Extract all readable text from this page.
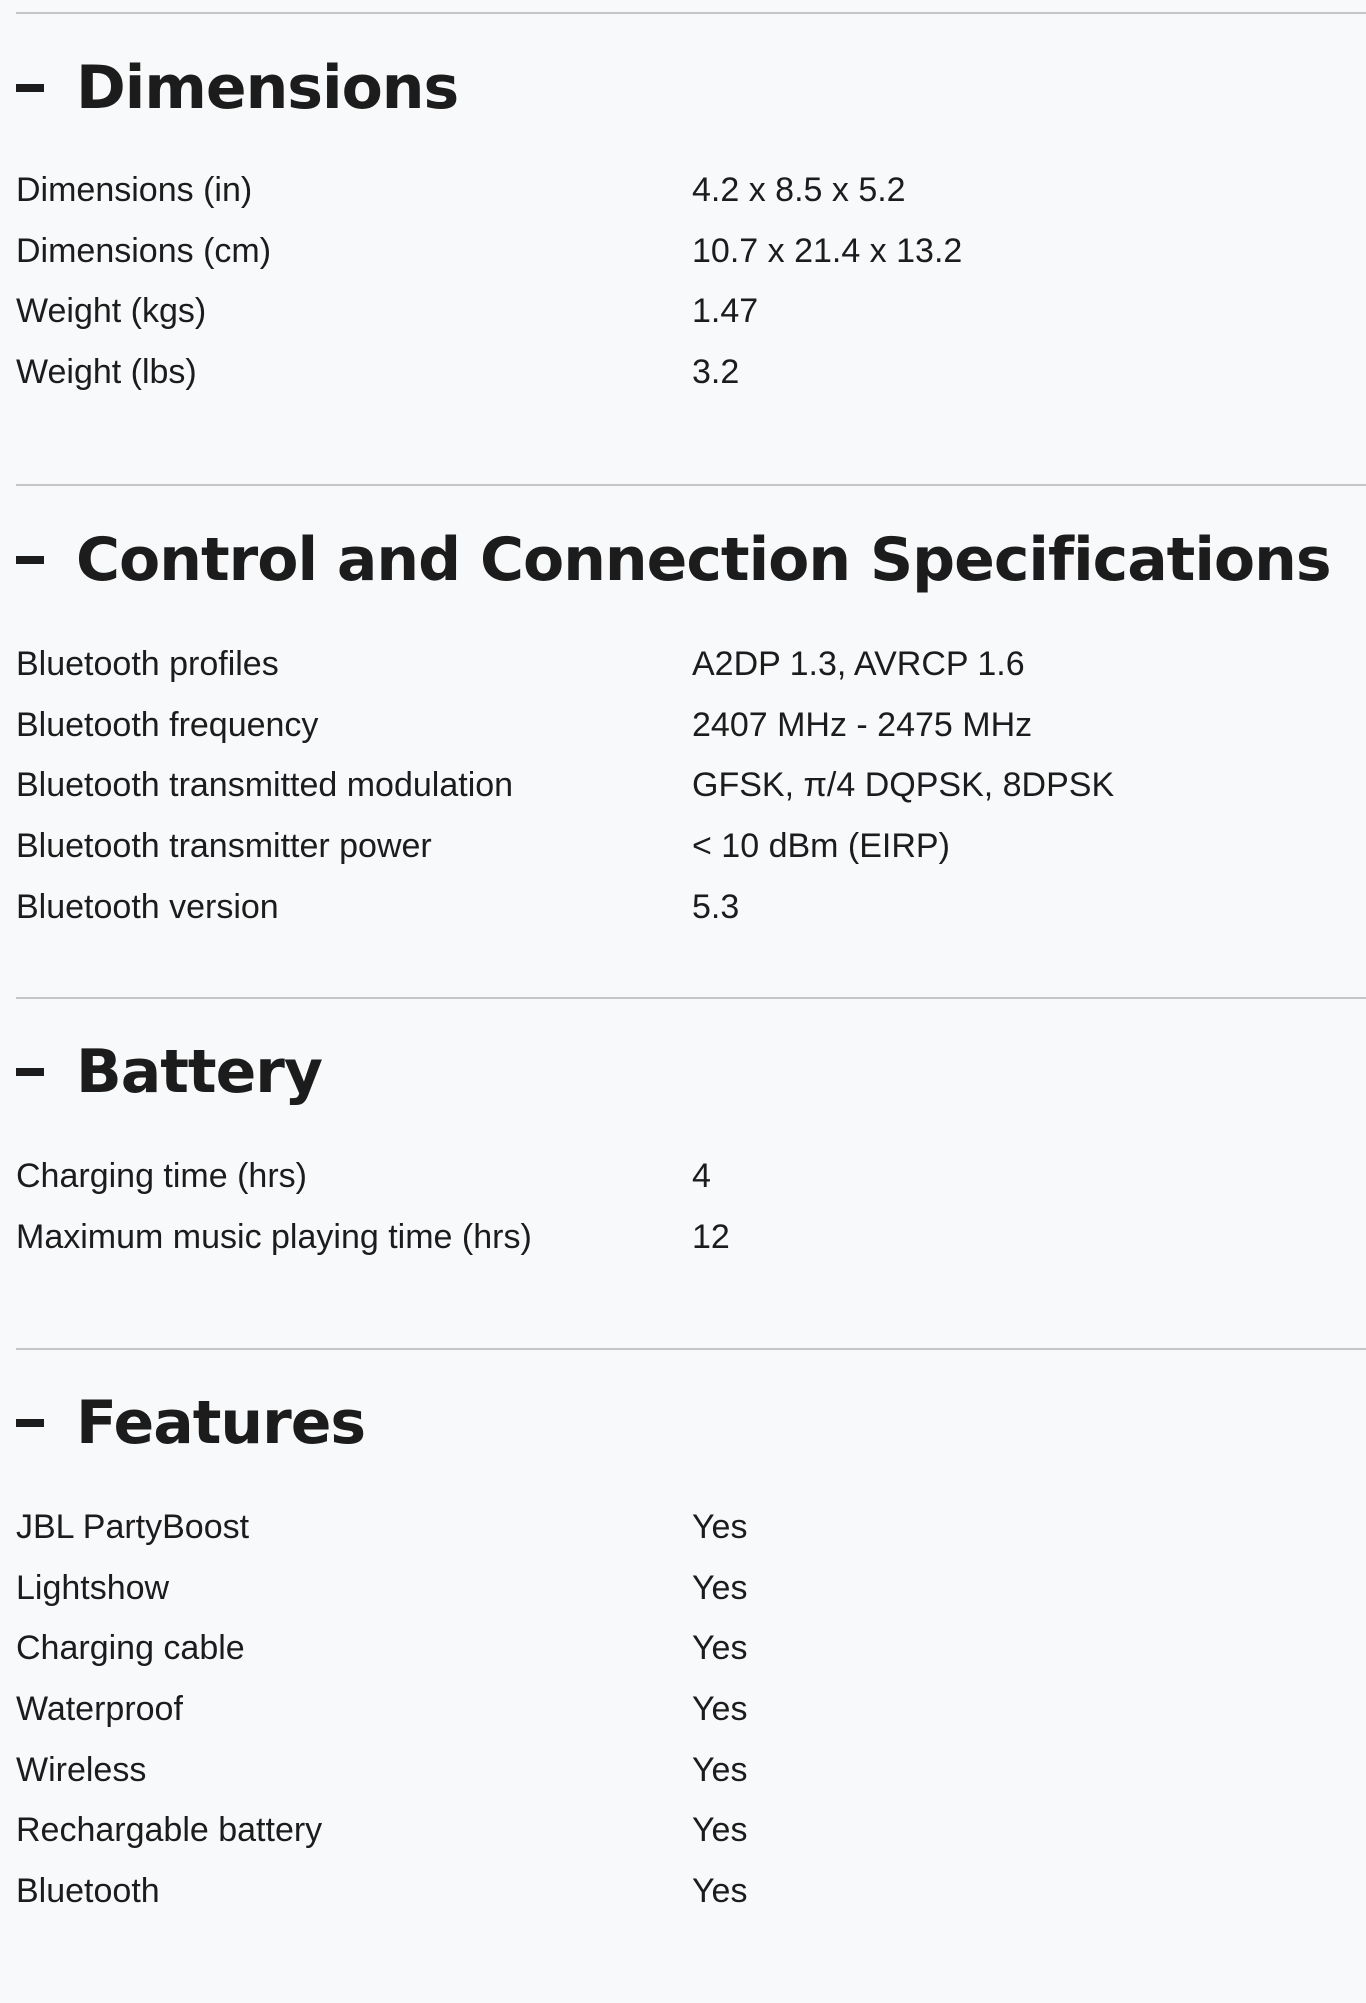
Dimensions
Dimensions (in)	4.2 x 8.5 x 5.2
Dimensions (cm)	10.7 x 21.4 x 13.2
Weight (kgs)	1.47
Weight (lbs)	3.2
Control and Connection Specifications
Bluetooth profiles	A2DP 1.3, AVRCP 1.6
Bluetooth frequency	2407 MHz - 2475 MHz
Bluetooth transmitted modulation	GFSK, π/4 DQPSK, 8DPSK
Bluetooth transmitter power	< 10 dBm (EIRP)
Bluetooth version	5.3
Battery
Charging time (hrs)	4
Maximum music playing time (hrs)	12
Features
JBL PartyBoost	Yes
Lightshow	Yes
Charging cable	Yes
Waterproof	Yes
Wireless	Yes
Rechargable battery	Yes
Bluetooth	Yes
